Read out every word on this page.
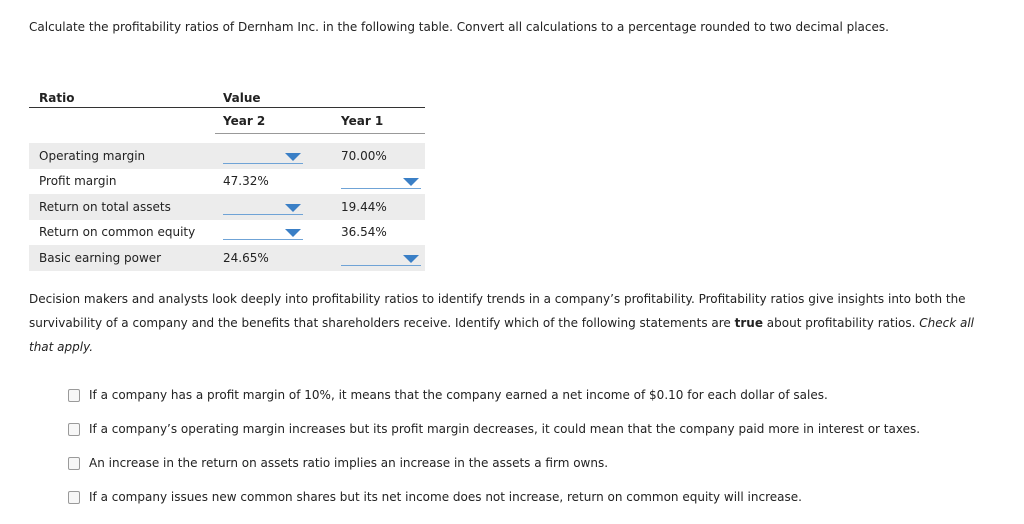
Calculate the profitability ratios of Dernham Inc. in the following table. Convert all calculations to a percentage rounded to two decimal places.

Ratio	Value	
	Year 2	Year 1

Operating margin		70.00%
Profit margin	47.32%	

Return on total assets		19.44%
Return on common equity		36.54%
Basic earning power	24.65%	

Decision makers and analysts look deeply into profitability ratios to identify trends in a company’s profitability. Profitability ratios give insights into both the survivability of a company and the benefits that shareholders receive. Identify which of the following statements are true about profitability ratios. Check all that apply.

If a company has a profit margin of 10%, it means that the company earned a net income of $0.10 for each dollar of sales.
If a company’s operating margin increases but its profit margin decreases, it could mean that the company paid more in interest or taxes.
An increase in the return on assets ratio implies an increase in the assets a firm owns.
If a company issues new common shares but its net income does not increase, return on common equity will increase.
